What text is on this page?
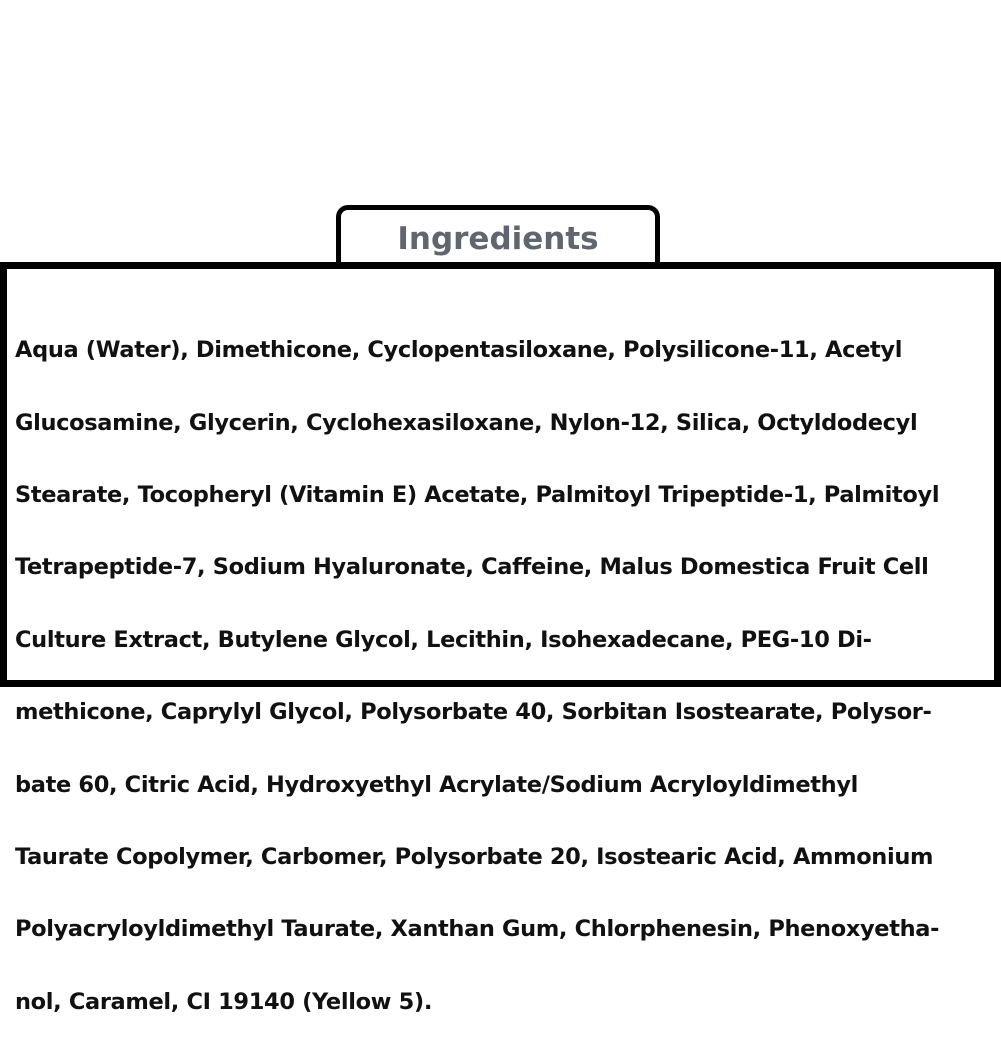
Ingredients

Aqua (Water), Dimethicone, Cyclopentasiloxane, Polysilicone-11, Acetyl

Glucosamine, Glycerin, Cyclohexasiloxane, Nylon-12, Silica, Octyldodecyl

Stearate, Tocopheryl (Vitamin E) Acetate, Palmitoyl Tripeptide-1, Palmitoyl

Tetrapeptide-7, Sodium Hyaluronate, Caffeine, Malus Domestica Fruit Cell

Culture Extract, Butylene Glycol, Lecithin, Isohexadecane, PEG-10 Di-

methicone, Caprylyl Glycol, Polysorbate 40, Sorbitan Isostearate, Polysor-

bate 60, Citric Acid, Hydroxyethyl Acrylate/Sodium Acryloyldimethyl

Taurate Copolymer, Carbomer, Polysorbate 20, Isostearic Acid, Ammonium

Polyacryloyldimethyl Taurate, Xanthan Gum, Chlorphenesin, Phenoxyetha-

nol, Caramel, CI 19140 (Yellow 5).
